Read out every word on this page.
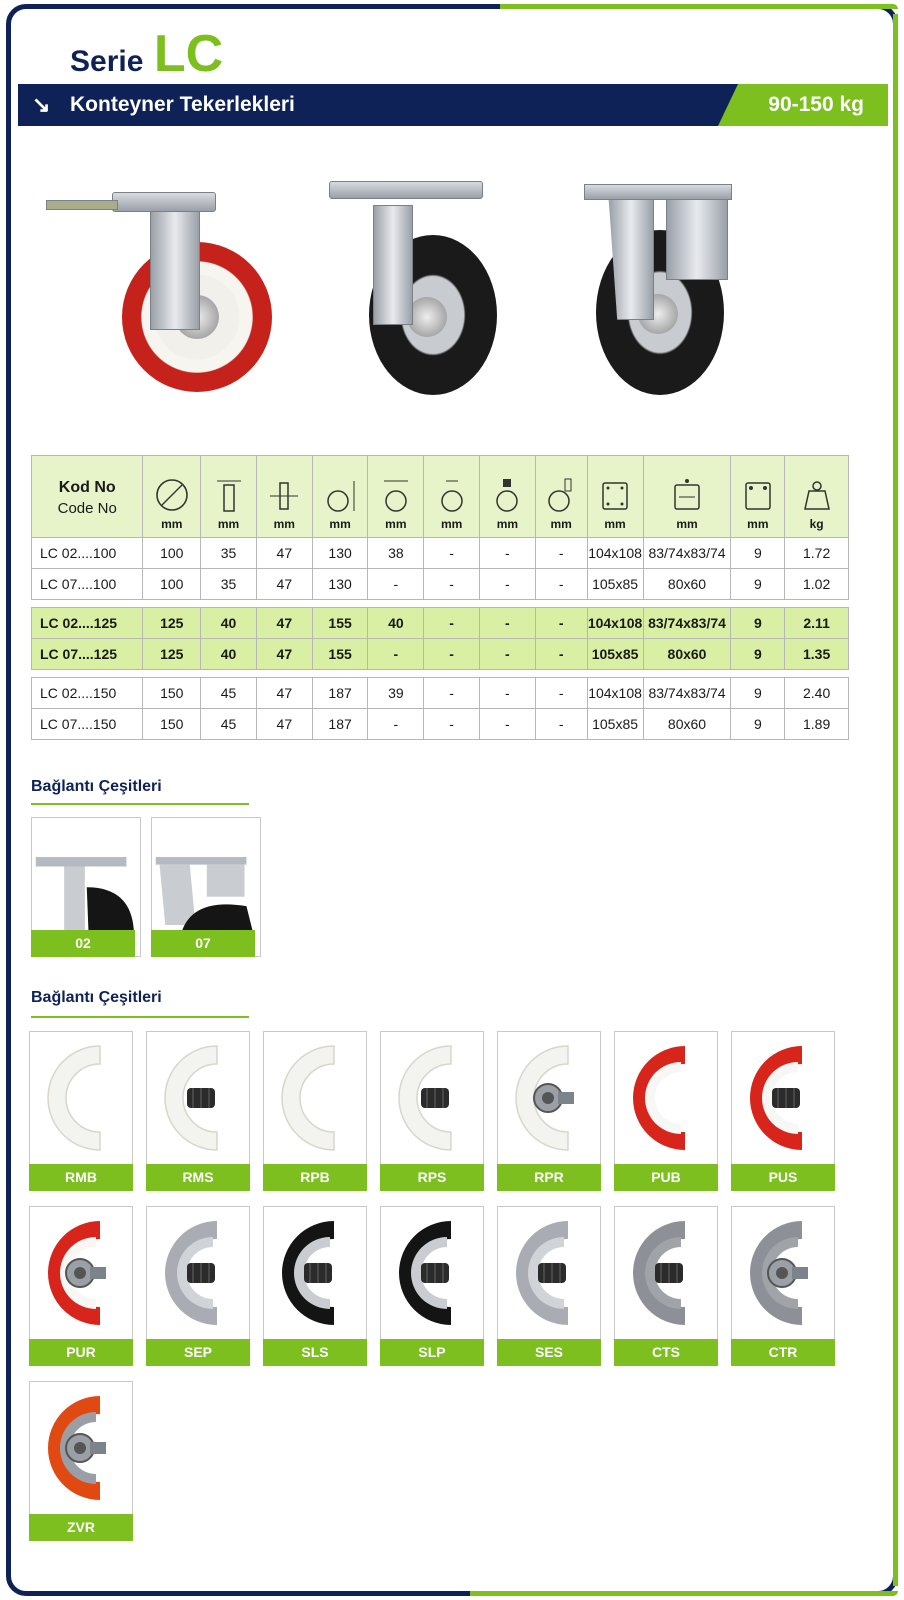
Serie LC
↘ Konteyner Tekerlekleri	90-150 kg
Kod No
Code No	mm	mm	mm	mm	mm	mm	mm	mm	mm	mm	mm	kg
LC 02....100	100	35	47	130	38	-	-	-	104x108	83/74x83/74	9	1.72
LC 07....100	100	35	47	130	-	-	-	-	105x85	80x60	9	1.02

LC 02....125	125	40	47	155	40	-	-	-	104x108	83/74x83/74	9	2.11
LC 07....125	125	40	47	155	-	-	-	-	105x85	80x60	9	1.35

LC 02....150	150	45	47	187	39	-	-	-	104x108	83/74x83/74	9	2.40
LC 07....150	150	45	47	187	-	-	-	-	105x85	80x60	9	1.89
Bağlantı Çeşitleri
02	07
Bağlantı Çeşitleri
RMB	RMS	RPB	RPS	RPR	PUB	PUS
PUR	SEP	SLS	SLP	SES	CTS	CTR
ZVR
